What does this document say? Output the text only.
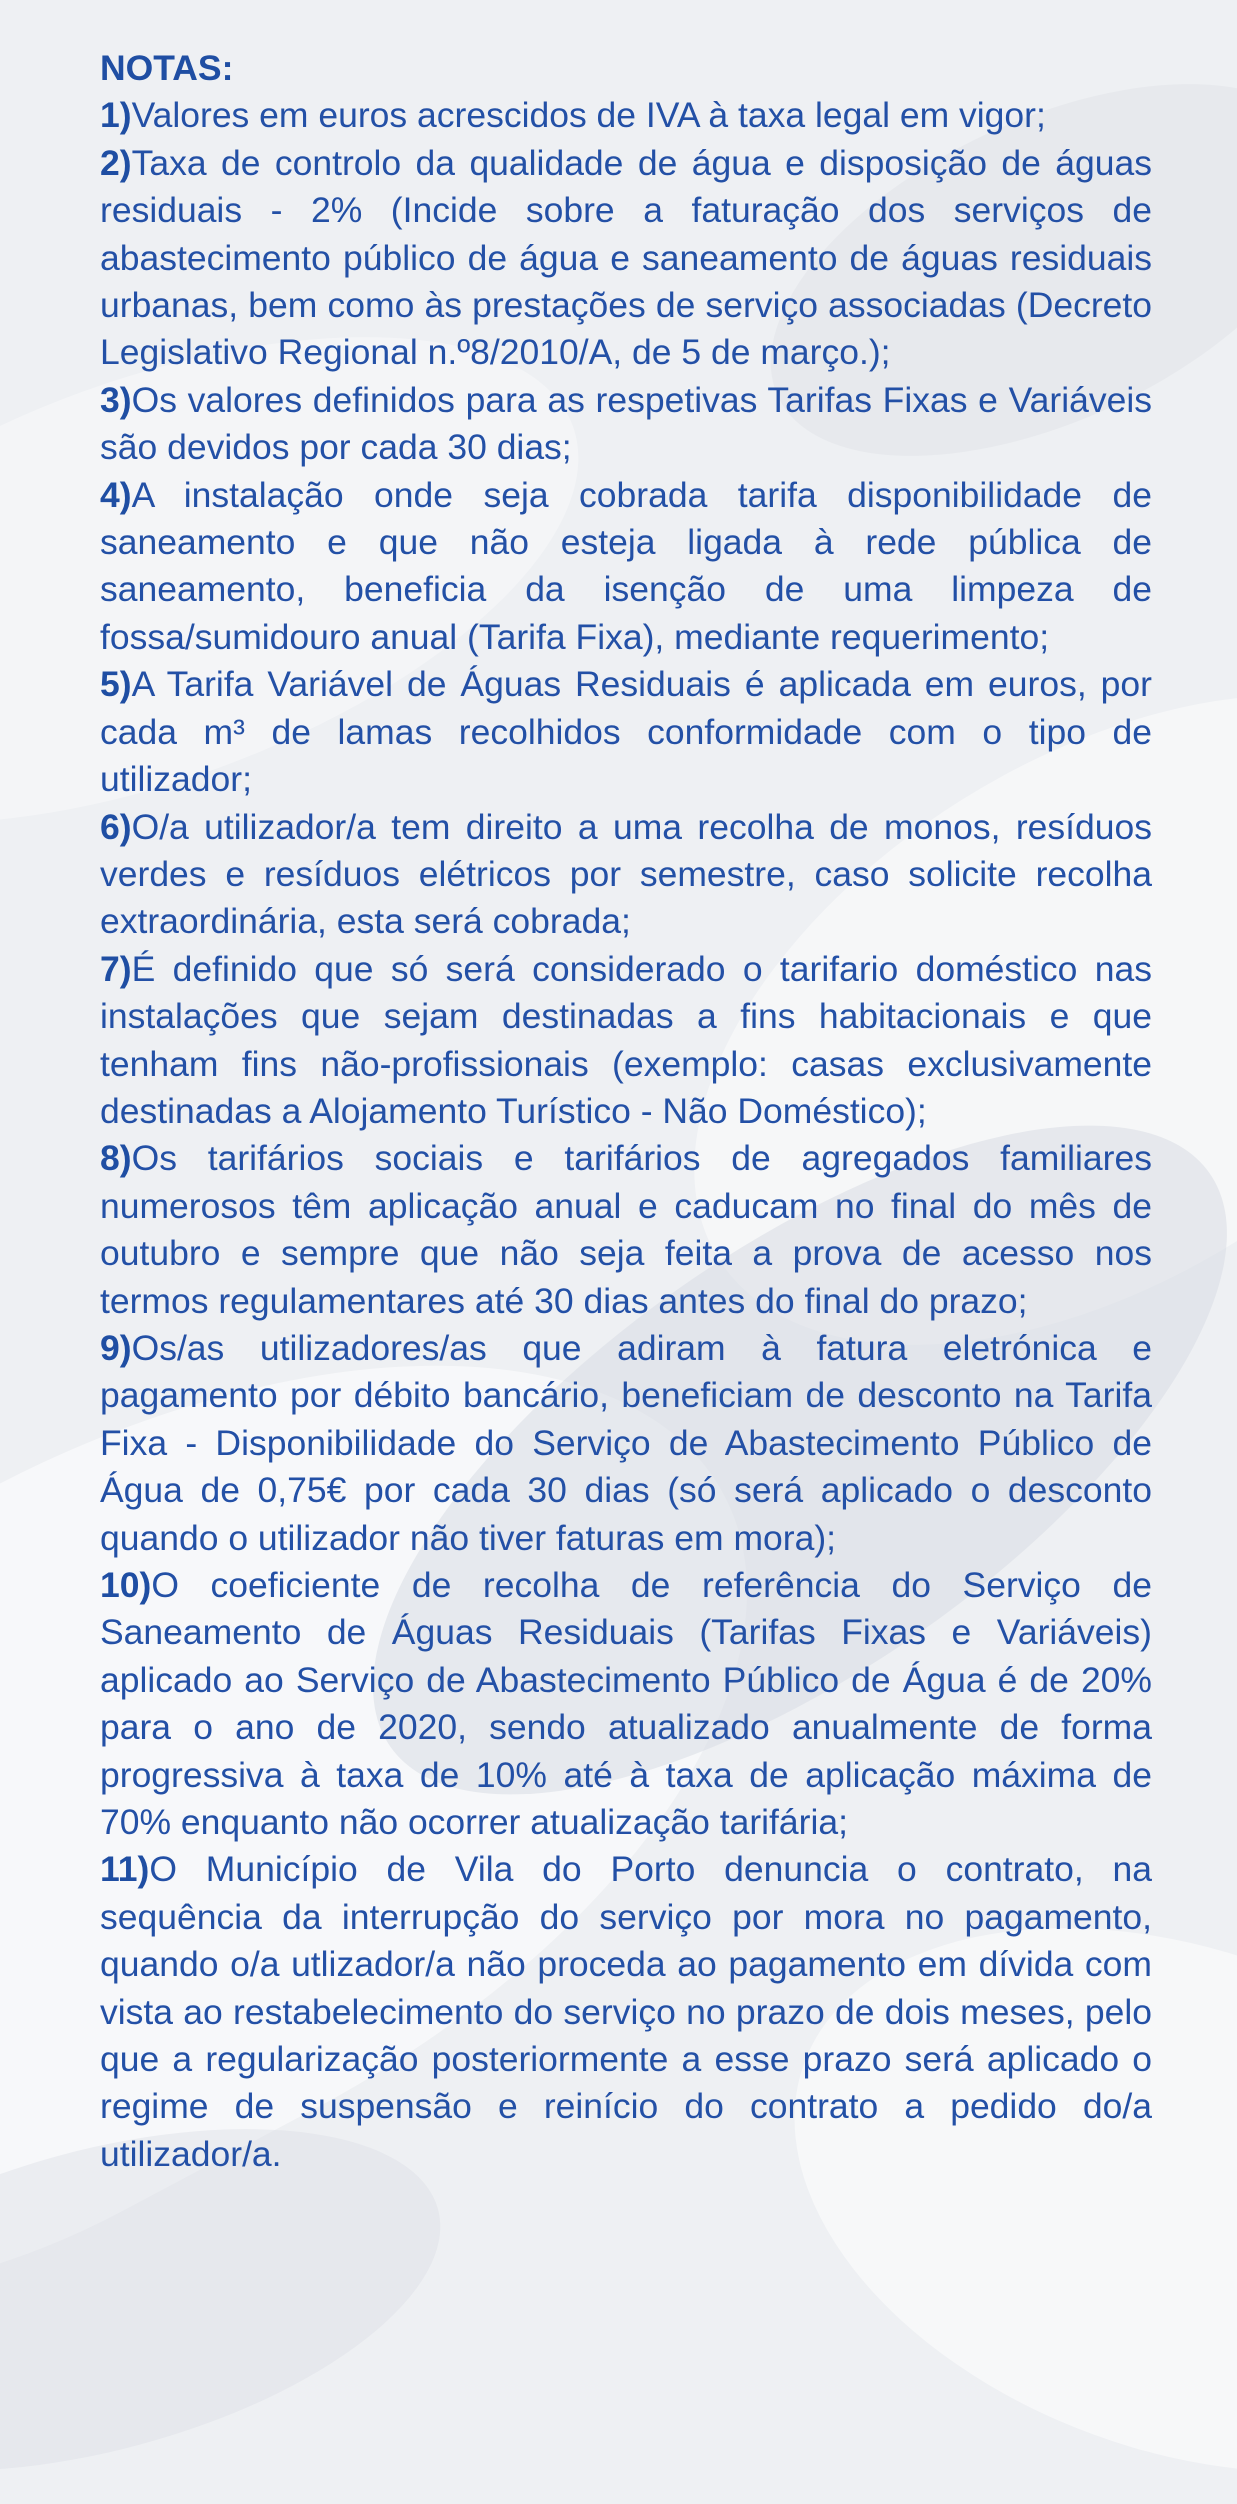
NOTAS:

1)Valores em euros acrescidos de IVA à taxa legal em vigor;

2)Taxa de controlo da qualidade de água e disposição de águas residuais - 2% (Incide sobre a faturação dos serviços de abastecimento público de água e saneamento de águas residuais urbanas, bem como às prestações de serviço associadas (Decreto Legislativo Regional n.º8/2010/A, de 5 de março.);

3)Os valores definidos para as respetivas Tarifas Fixas e Variáveis são devidos por cada 30 dias;

4)A instalação onde seja cobrada tarifa disponibilidade de saneamento e que não esteja ligada à rede pública de saneamento, beneficia da isenção de uma limpeza de fossa/sumidouro anual (Tarifa Fixa), mediante requerimento;

5)A Tarifa Variável de Águas Residuais é aplicada em euros, por cada m³ de lamas recolhidos conformidade com o tipo de utilizador;

6)O/a utilizador/a tem direito a uma recolha de monos, resíduos verdes e resíduos elétricos por semestre, caso solicite recolha extraordinária, esta será cobrada;

7)É definido que só será considerado o tarifario doméstico nas instalações que sejam destinadas a fins habitacionais e que tenham fins não-profissionais (exemplo: casas exclusivamente destinadas a Alojamento Turístico - Não Doméstico);

8)Os tarifários sociais e tarifários de agregados familiares numerosos têm aplicação anual e caducam no final do mês de outubro e sempre que não seja feita a prova de acesso nos termos regulamentares até 30 dias antes do final do prazo;

9)Os/as utilizadores/as que adiram à fatura eletrónica e pagamento por débito bancário, beneficiam de desconto na Tarifa Fixa - Disponibilidade do Serviço de Abastecimento Público de Água de 0,75€ por cada 30 dias (só será aplicado o desconto quando o utilizador não tiver faturas em mora);

10)O coeficiente de recolha de referência do Serviço de Saneamento de Águas Residuais (Tarifas Fixas e Variáveis) aplicado ao Serviço de Abastecimento Público de Água é de 20% para o ano de 2020, sendo atualizado anualmente de forma progressiva à taxa de 10% até à taxa de aplicação máxima de 70% enquanto não ocorrer atualização tarifária;

11)O Município de Vila do Porto denuncia o contrato, na sequência da interrupção do serviço por mora no pagamento, quando o/a utlizador/a não proceda ao pagamento em dívida com vista ao restabelecimento do serviço no prazo de dois meses, pelo que a regularização posteriormente a esse prazo será aplicado o regime de suspensão e reinício do contrato a pedido do/a utilizador/a.
